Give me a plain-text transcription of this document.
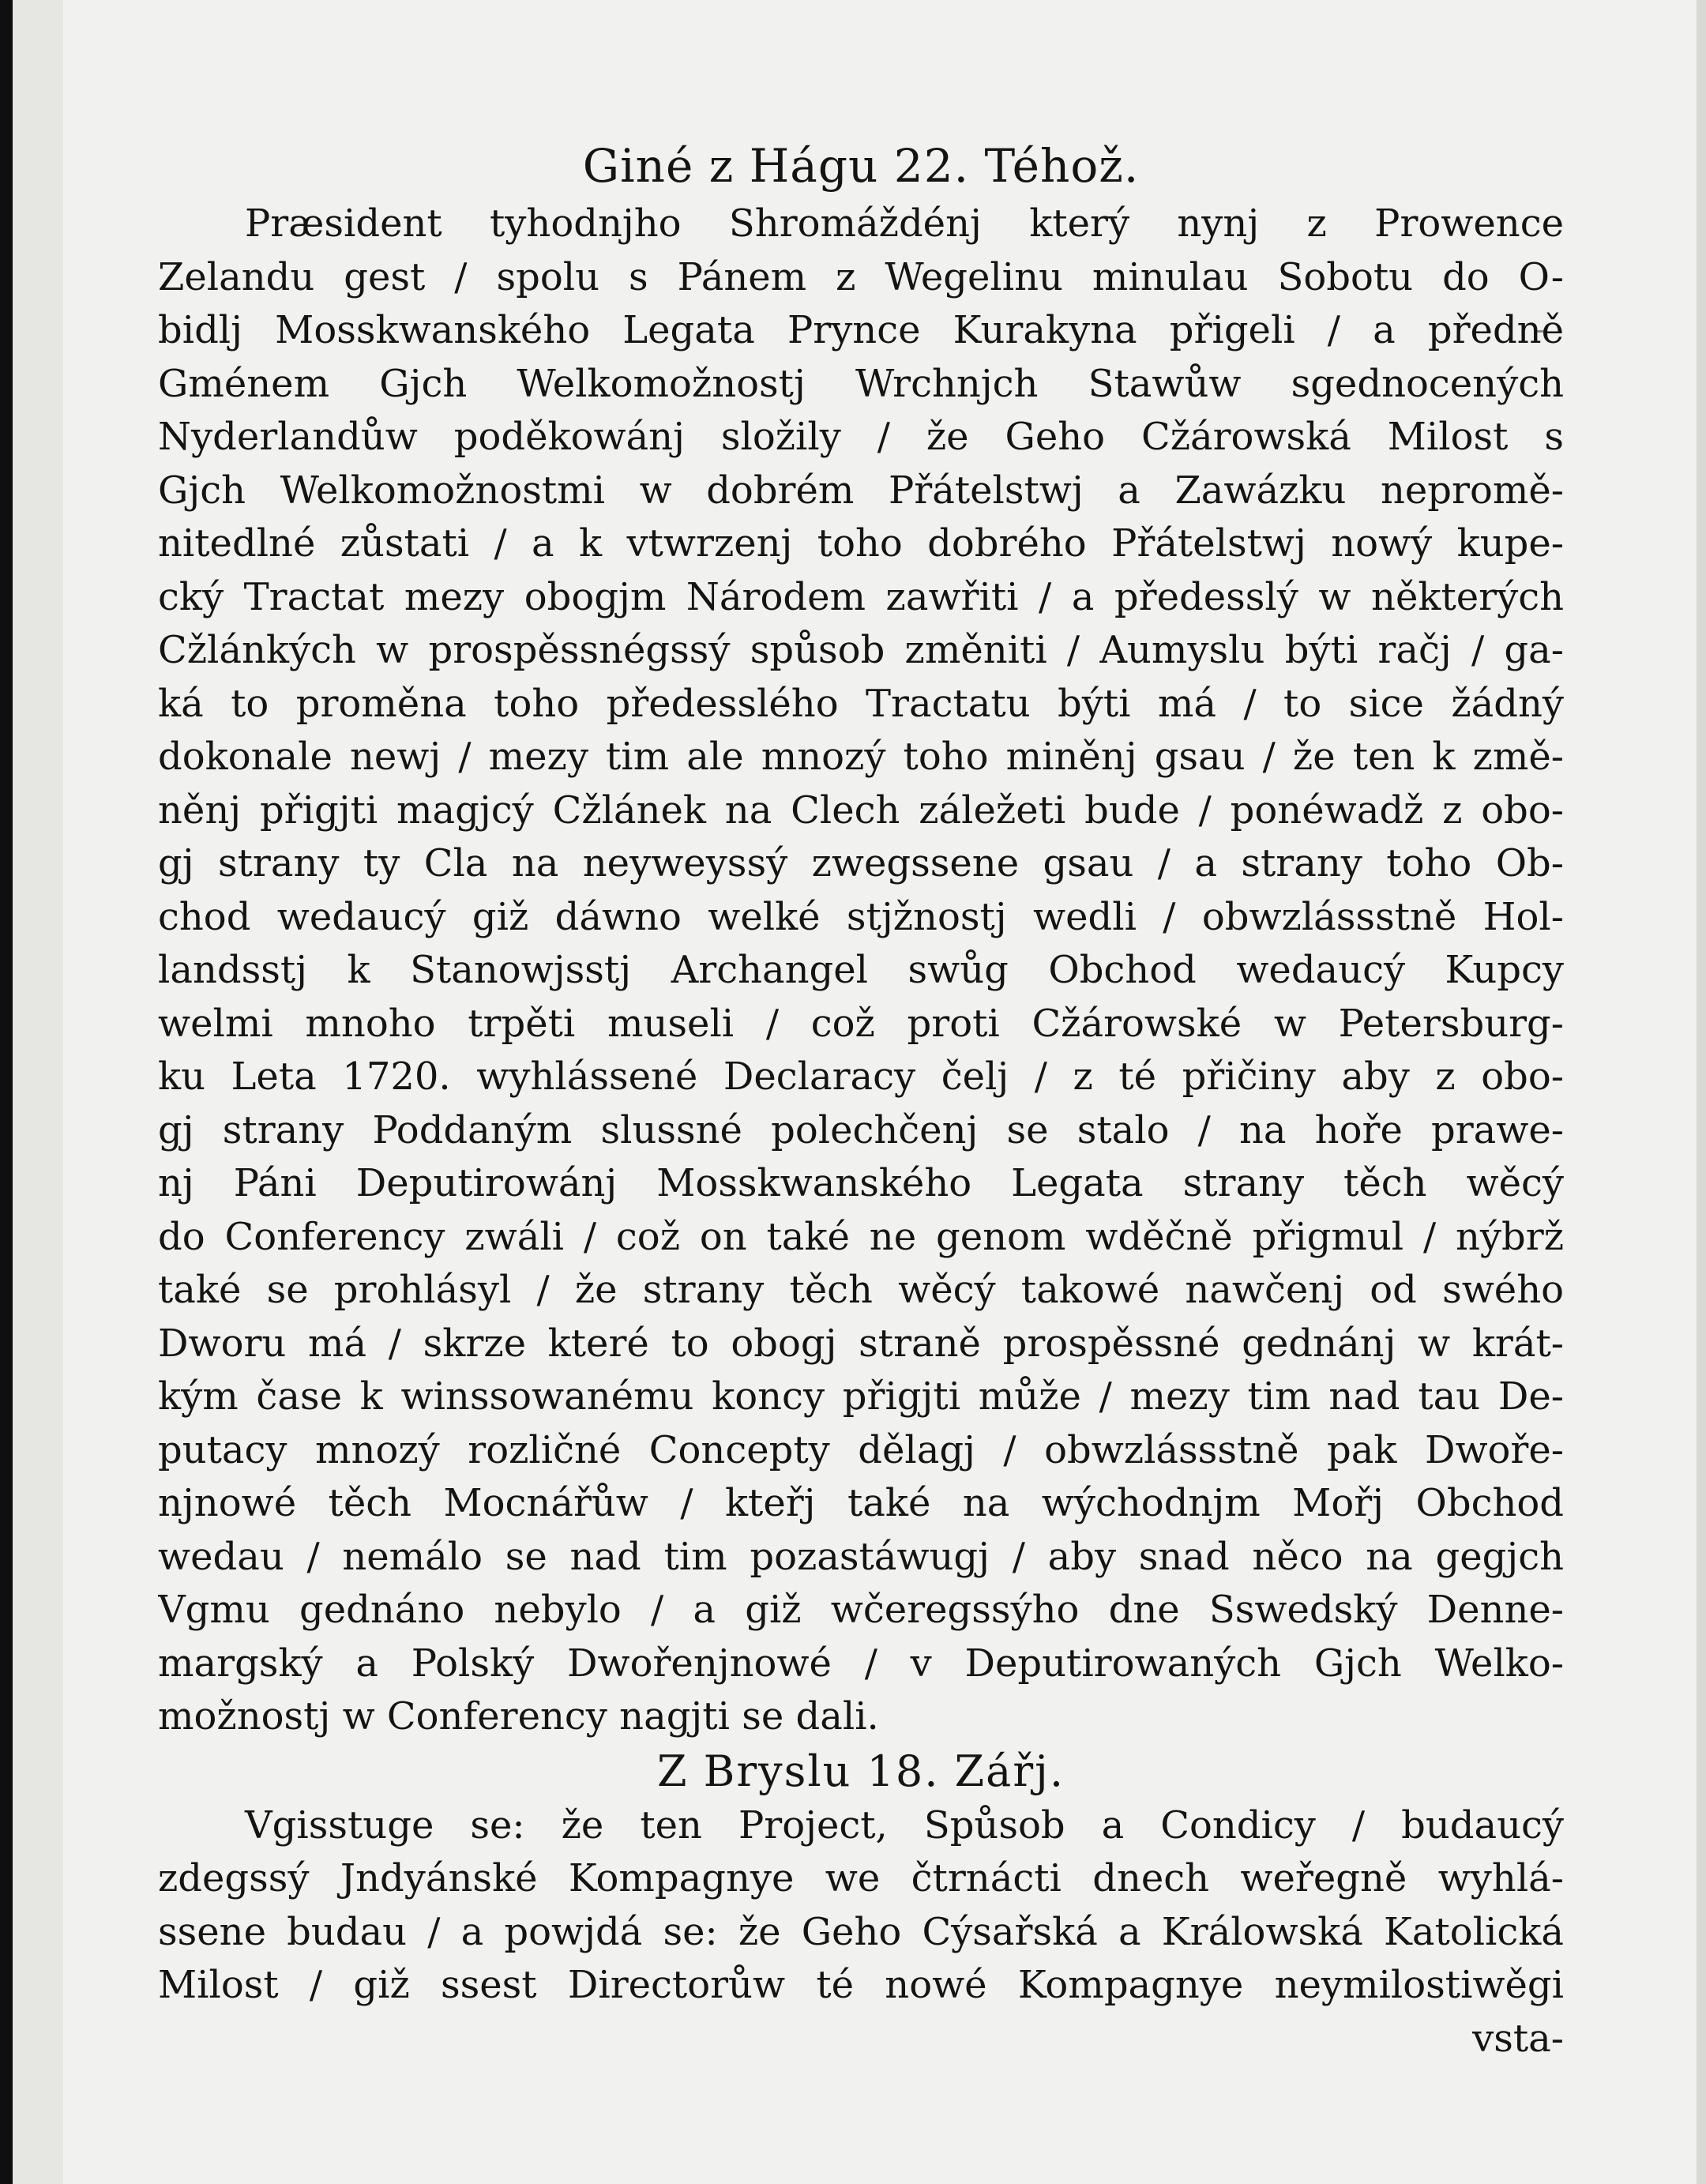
Giné z Hágu 22. Téhož.
Præsident tyhodnjho Shromáždénj který nynj z Prowence
Zelandu gest / spolu s Pánem z Wegelinu minulau Sobotu do O-
bidlj Mosskwanského Legata Prynce Kurakyna přigeli / a předně
Gménem Gjch Welkomožnostj Wrchnjch Stawůw sgednocených
Nyderlandůw poděkowánj složily / že Geho Cžárowská Milost s
Gjch Welkomožnostmi w dobrém Přátelstwj a Zawázku nepromě-
nitedlné zůstati / a k vtwrzenj toho dobrého Přátelstwj nowý kupe-
cký Tractat mezy obogjm Národem zawřiti / a předesslý w některých
Cžlánkých w prospěssnégssý spůsob změniti / Aumyslu býti račj / ga-
ká to proměna toho předesslého Tractatu býti má / to sice žádný
dokonale newj / mezy tim ale mnozý toho miněnj gsau / že ten k změ-
něnj přigjti magjcý Cžlánek na Clech záležeti bude / ponéwadž z obo-
gj strany ty Cla na neyweyssý zwegssene gsau / a strany toho Ob-
chod wedaucý giž dáwno welké stjžnostj wedli / obwzlássstně Hol-
landsstj k Stanowjsstj Archangel swůg Obchod wedaucý Kupcy
welmi mnoho trpěti museli / což proti Cžárowské w Petersburg-
ku Leta 1720. wyhlássené Declaracy čelj / z té přičiny aby z obo-
gj strany Poddaným slussné polechčenj se stalo / na hoře prawe-
nj Páni Deputirowánj Mosskwanského Legata strany těch wěcý
do Conferency zwáli / což on také ne genom wděčně přigmul / nýbrž
také se prohlásyl / že strany těch wěcý takowé nawčenj od swého
Dworu má / skrze které to obogj straně prospěssné gednánj w krát-
kým čase k winssowanému koncy přigjti může / mezy tim nad tau De-
putacy mnozý rozličné Concepty dělagj / obwzlássstně pak Dwoře-
njnowé těch Mocnářůw / kteřj také na wýchodnjm Mořj Obchod
wedau / nemálo se nad tim pozastáwugj / aby snad něco na gegjch
Vgmu gednáno nebylo / a giž wčeregssýho dne Sswedský Denne-
margský a Polský Dwořenjnowé / v Deputirowaných Gjch Welko-
možnostj w Conferency nagjti se dali.
Z Bryslu 18. Zářj.
Vgisstuge se: že ten Project, Spůsob a Condicy / budaucý
zdegssý Jndyánské Kompagnye we čtrnácti dnech weřegně wyhlá-
ssene budau / a powjdá se: že Geho Cýsařská a Králowská Katolická
Milost / giž ssest Directorůw té nowé Kompagnye neymilostiwěgi
vsta-
